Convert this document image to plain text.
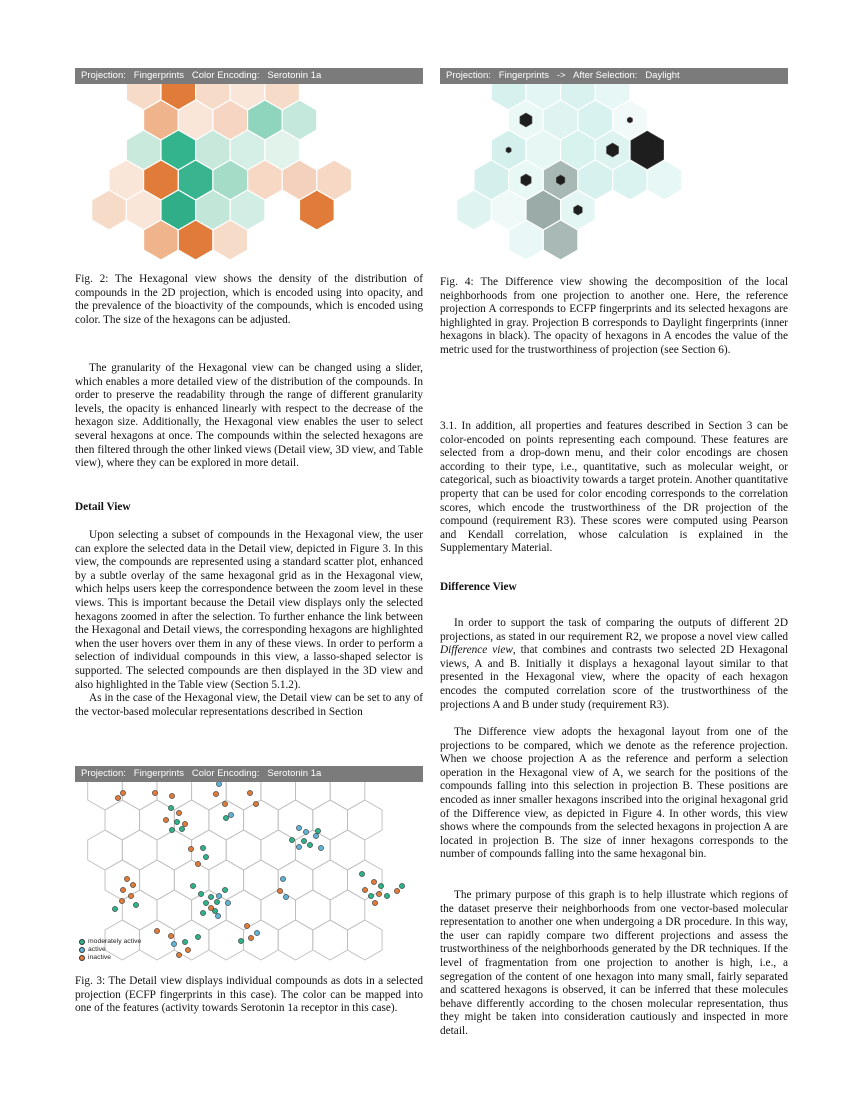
Projection:   Fingerprints   Color Encoding:   Serotonin 1a

Fig. 2: The Hexagonal view shows the density of the distribution of compounds in the 2D projection, which is encoded using into opacity, and the prevalence of the bioactivity of the compounds, which is encoded using color. The size of the hexagons can be adjusted.

Projection:   Fingerprints   ->   After Selection:   Daylight

Fig. 4: The Difference view showing the decomposition of the local neighborhoods from one projection to another one. Here, the reference projection A corresponds to ECFP fingerprints and its selected hexagons are highlighted in gray. Projection B corresponds to Daylight fingerprints (inner hexagons in black). The opacity of hexagons in A encodes the value of the metric used for the trustworthiness of projection (see Section 6).

The granularity of the Hexagonal view can be changed using a slider, which enables a more detailed view of the distribution of the compounds. In order to preserve the readability through the range of different granularity levels, the opacity is enhanced linearly with respect to the decrease of the hexagon size. Additionally, the Hexagonal view enables the user to select several hexagons at once. The compounds within the selected hexagons are then filtered through the other linked views (Detail view, 3D view, and Table view), where they can be explored in more detail.

Detail View

Upon selecting a subset of compounds in the Hexagonal view, the user can explore the selected data in the Detail view, depicted in Figure 3. In this view, the compounds are represented using a standard scatter plot, enhanced by a subtle overlay of the same hexagonal grid as in the Hexagonal view, which helps users keep the correspondence between the zoom level in these views. This is important because the Detail view displays only the selected hexagons zoomed in after the selection. To further enhance the link between the Hexagonal and Detail views, the corresponding hexagons are highlighted when the user hovers over them in any of these views. In order to perform a selection of individual compounds in this view, a lasso-shaped selector is supported. The selected compounds are then displayed in the 3D view and also highlighted in the Table view (Section 5.1.2).

As in the case of the Hexagonal view, the Detail view can be set to any of the vector-based molecular representations described in Section

Projection:   Fingerprints   Color Encoding:   Serotonin 1a
moderately active
active
inactive

Fig. 3: The Detail view displays individual compounds as dots in a selected projection (ECFP fingerprints in this case). The color can be mapped into one of the features (activity towards Serotonin 1a receptor in this case).

3.1. In addition, all properties and features described in Section 3 can be color-encoded on points representing each compound. These features are selected from a drop-down menu, and their color encodings are chosen according to their type, i.e., quantitative, such as molecular weight, or categorical, such as bioactivity towards a target protein. Another quantitative property that can be used for color encoding corresponds to the correlation scores, which encode the trustworthiness of the DR projection of the compound (requirement R3). These scores were computed using Pearson and Kendall correlation, whose calculation is explained in the Supplementary Material.

Difference View

In order to support the task of comparing the outputs of different 2D projections, as stated in our requirement R2, we propose a novel view called Difference view, that combines and contrasts two selected 2D Hexagonal views, A and B. Initially it displays a hexagonal layout similar to that presented in the Hexagonal view, where the opacity of each hexagon encodes the computed correlation score of the trustworthiness of the projections A and B under study (requirement R3).

The Difference view adopts the hexagonal layout from one of the projections to be compared, which we denote as the reference projection. When we choose projection A as the reference and perform a selection operation in the Hexagonal view of A, we search for the positions of the compounds falling into this selection in projection B. These positions are encoded as inner smaller hexagons inscribed into the original hexagonal grid of the Difference view, as depicted in Figure 4. In other words, this view shows where the compounds from the selected hexagons in projection A are located in projection B. The size of inner hexagons corresponds to the number of compounds falling into the same hexagonal bin.

The primary purpose of this graph is to help illustrate which regions of the dataset preserve their neighborhoods from one vector-based molecular representation to another one when undergoing a DR procedure. In this way, the user can rapidly compare two different projections and assess the trustworthiness of the neighborhoods generated by the DR techniques. If the level of fragmentation from one projection to another is high, i.e., a segregation of the content of one hexagon into many small, fairly separated and scattered hexagons is observed, it can be inferred that these molecules behave differently according to the chosen molecular representation, thus they might be taken into consideration cautiously and inspected in more detail.
